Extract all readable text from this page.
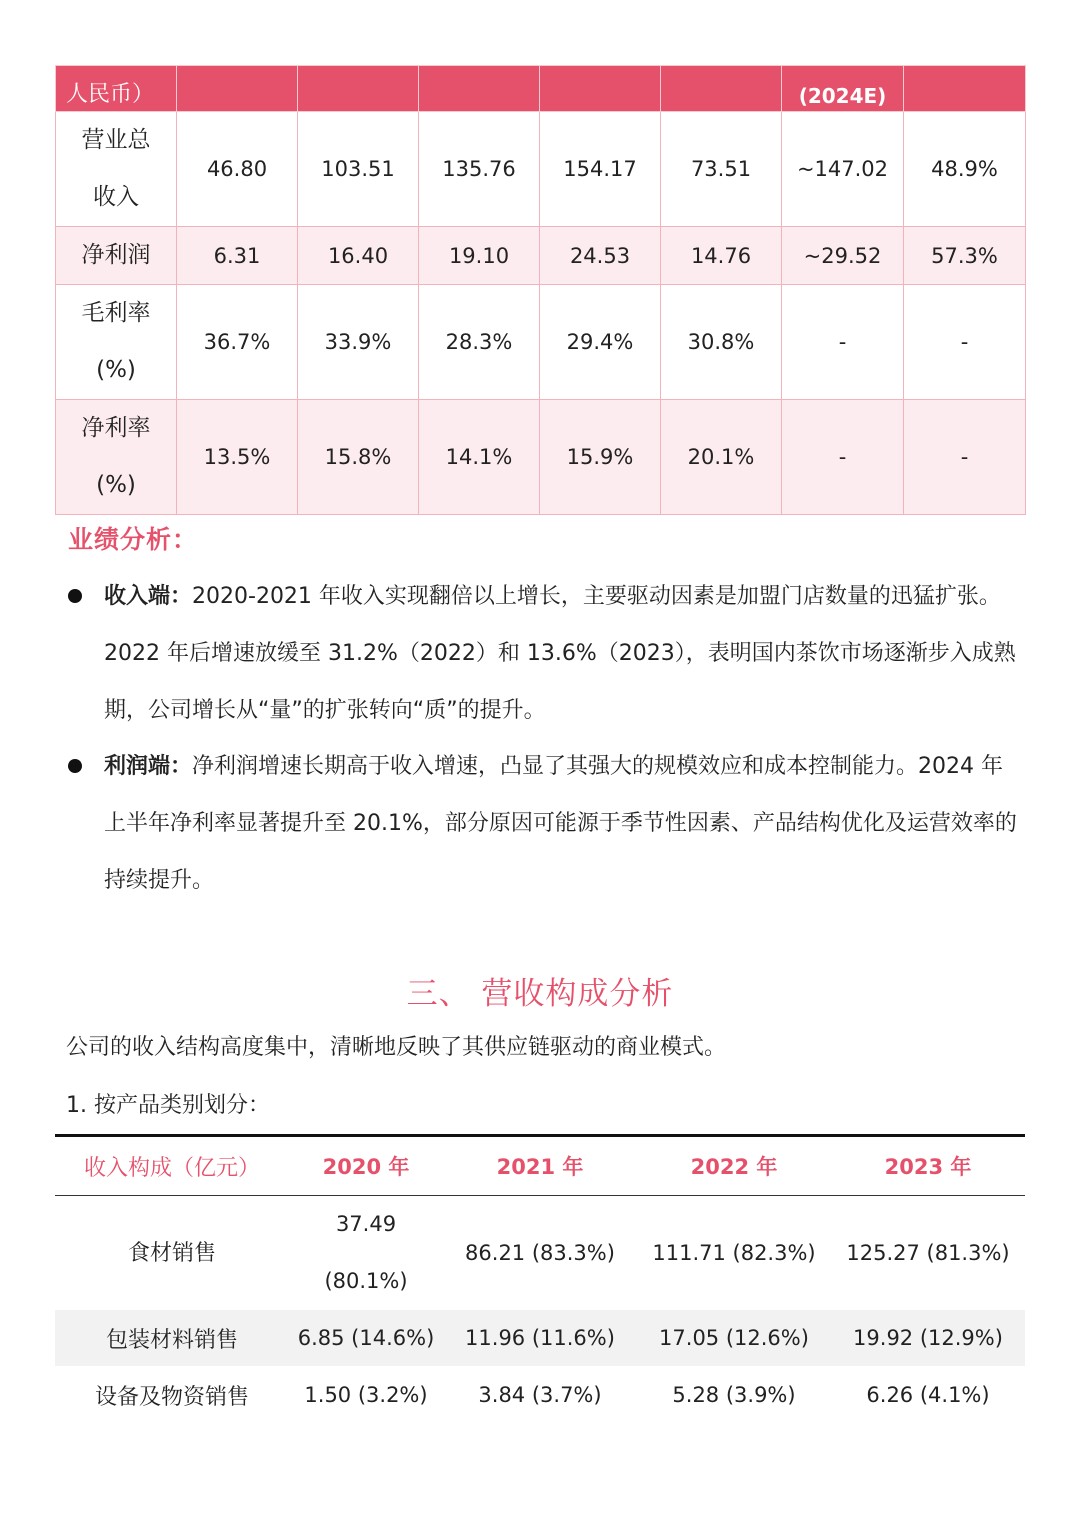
人民币）						(2024E)	
营业总
收入	46.80	103.51	135.76	154.17	73.51	~147.02	48.9%
净利润	6.31	16.40	19.10	24.53	14.76	~29.52	57.3%
毛利率
(%)	36.7%	33.9%	28.3%	29.4%	30.8%	-	-
净利率
(%)	13.5%	15.8%	14.1%	15.9%	20.1%	-	-
业绩分析：
收入端：2020-2021 年收入实现翻倍以上增长，主要驱动因素是加盟门店数量的迅猛扩张。2022 年后增速放缓至 31.2%（2022）和 13.6%（2023），表明国内茶饮市场逐渐步入成熟期，公司增长从“量”的扩张转向“质”的提升。
利润端：净利润增速长期高于收入增速，凸显了其强大的规模效应和成本控制能力。2024 年上半年净利率显著提升至 20.1%，部分原因可能源于季节性因素、产品结构优化及运营效率的持续提升。
三、 营收构成分析
公司的收入结构高度集中，清晰地反映了其供应链驱动的商业模式。
1. 按产品类别划分：
收入构成（亿元）	2020 年	2021 年	2022 年	2023 年
食材销售	37.49
(80.1%)	86.21 (83.3%)	111.71 (82.3%)	125.27 (81.3%)
包装材料销售	6.85 (14.6%)	11.96 (11.6%)	17.05 (12.6%)	19.92 (12.9%)
设备及物资销售	1.50 (3.2%)	3.84 (3.7%)	5.28 (3.9%)	6.26 (4.1%)
